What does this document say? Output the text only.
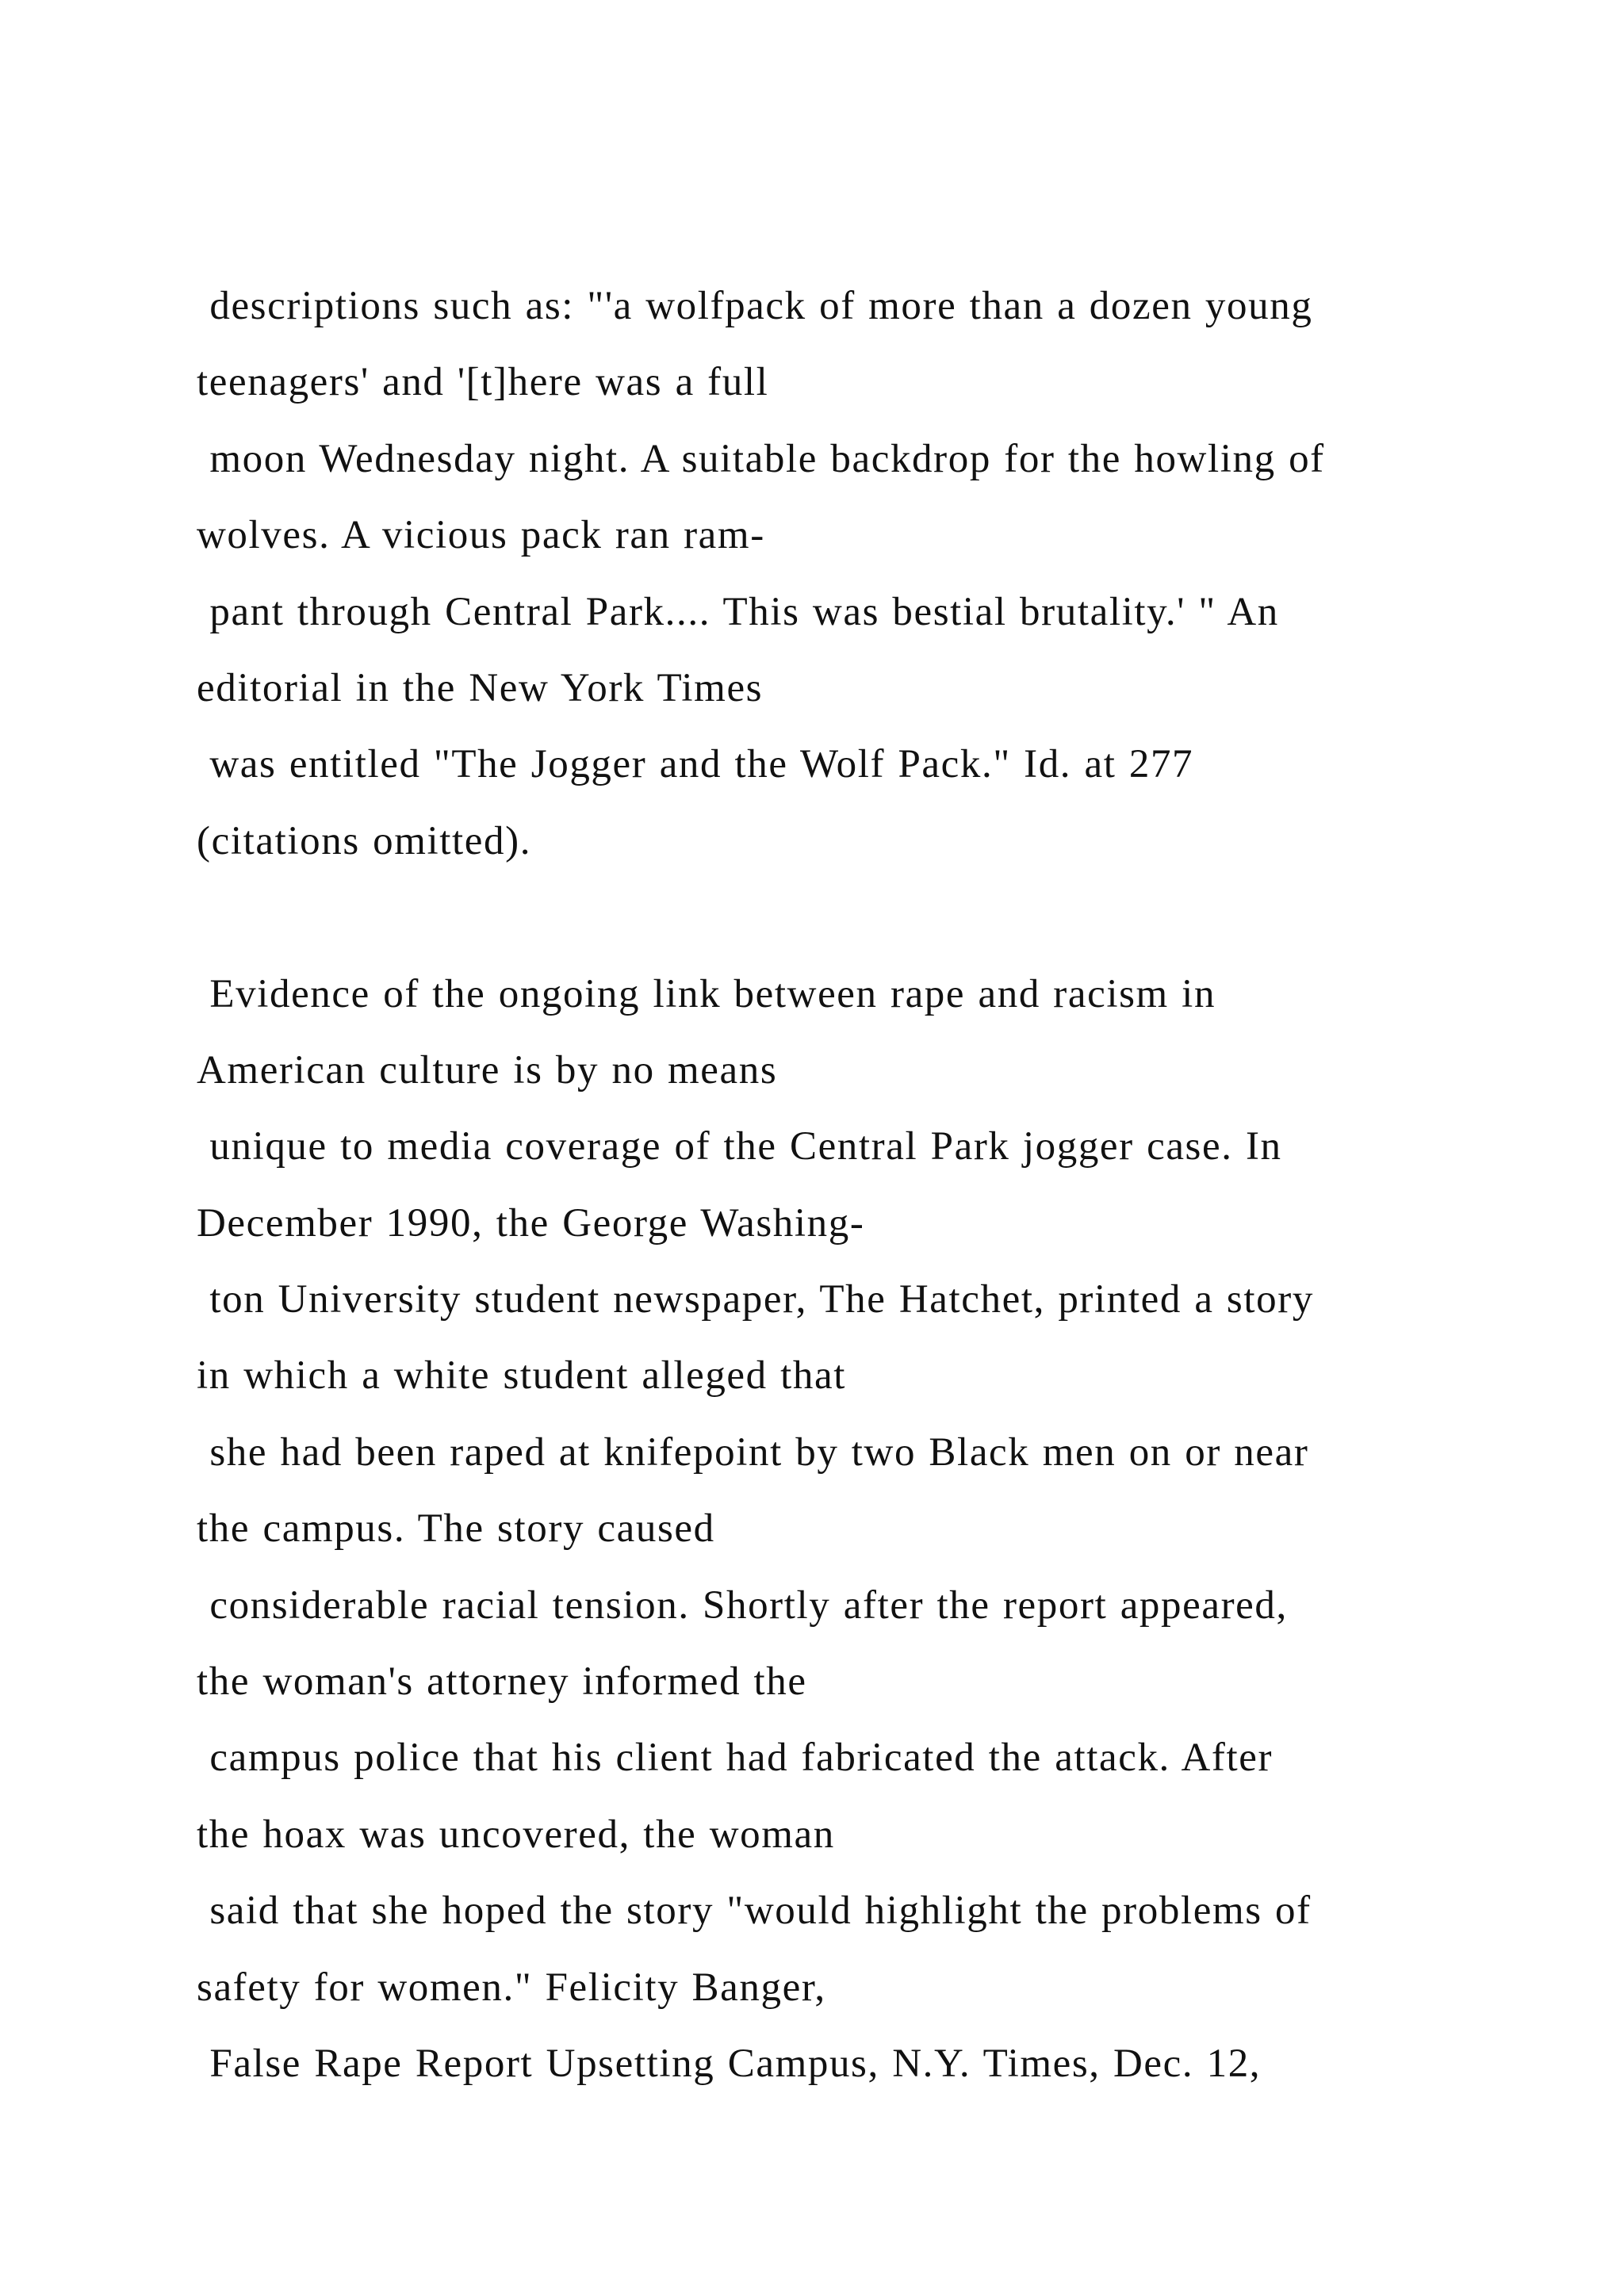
descriptions such as: "'a wolfpack of more than a dozen young
teenagers' and '[t]here was a full
moon Wednesday night. A suitable backdrop for the howling of
wolves. A vicious pack ran ram-
pant through Central Park.... This was bestial brutality.' " An
editorial in the New York Times
was entitled "The Jogger and the Wolf Pack." Id. at 277
(citations omitted).
Evidence of the ongoing link between rape and racism in
American culture is by no means
unique to media coverage of the Central Park jogger case. In
December 1990, the George Washing-
ton University student newspaper, The Hatchet, printed a story
in which a white student alleged that
she had been raped at knifepoint by two Black men on or near
the campus. The story caused
considerable racial tension. Shortly after the report appeared,
the woman's attorney informed the
campus police that his client had fabricated the attack. After
the hoax was uncovered, the woman
said that she hoped the story "would highlight the problems of
safety for women." Felicity Banger,
False Rape Report Upsetting Campus, N.Y. Times, Dec. 12,
